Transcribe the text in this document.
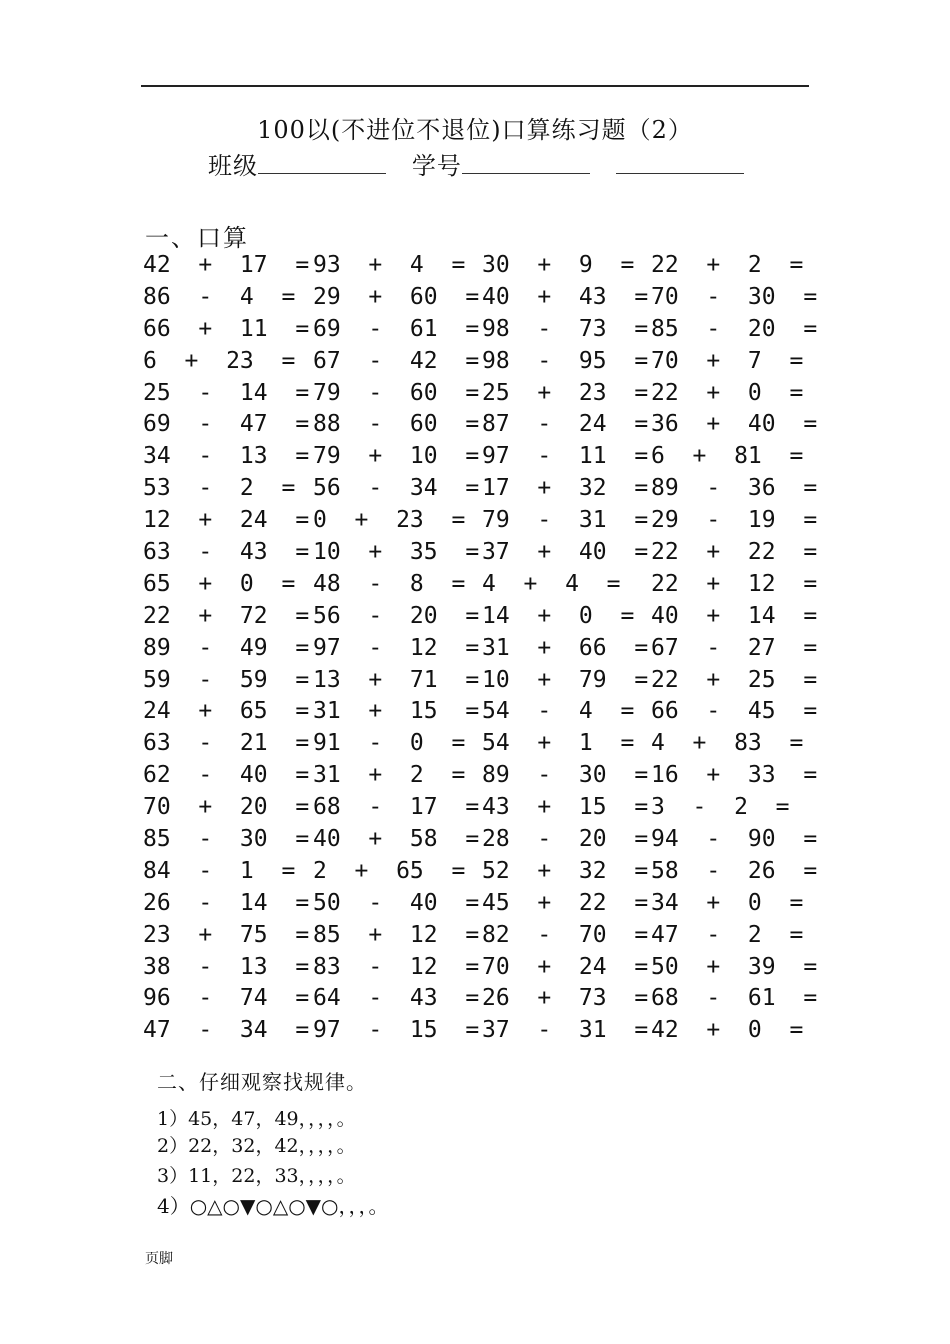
100以(不进位不退位)口算练习题（2）
班级	学号
一、口算
42  +  17  = 93  +  4  = 30  +  9  = 22  +  2  =
86  -  4  = 29  +  60  = 40  +  43  = 70  -  30  =
66  +  11  = 69  -  61  = 98  -  73  = 85  -  20  =
6  +  23  = 67  -  42  = 98  -  95  = 70  +  7  =
25  -  14  = 79  -  60  = 25  +  23  = 22  +  0  =
69  -  47  = 88  -  60  = 87  -  24  = 36  +  40  =
34  -  13  = 79  +  10  = 97  -  11  = 6  +  81  =
53  -  2  = 56  -  34  = 17  +  32  = 89  -  36  =
12  +  24  = 0  +  23  = 79  -  31  = 29  -  19  =
63  -  43  = 10  +  35  = 37  +  40  = 22  +  22  =
65  +  0  = 48  -  8  = 4  +  4  = 22  +  12  =
22  +  72  = 56  -  20  = 14  +  0  = 40  +  14  =
89  -  49  = 97  -  12  = 31  +  66  = 67  -  27  =
59  -  59  = 13  +  71  = 10  +  79  = 22  +  25  =
24  +  65  = 31  +  15  = 54  -  4  = 66  -  45  =
63  -  21  = 91  -  0  = 54  +  1  = 4  +  83  =
62  -  40  = 31  +  2  = 89  -  30  = 16  +  33  =
70  +  20  = 68  -  17  = 43  +  15  = 3  -  2  =
85  -  30  = 40  +  58  = 28  -  20  = 94  -  90  =
84  -  1  = 2  +  65  = 52  +  32  = 58  -  26  =
26  -  14  = 50  -  40  = 45  +  22  = 34  +  0  =
23  +  75  = 85  +  12  = 82  -  70  = 47  -  2  =
38  -  13  = 83  -  12  = 70  +  24  = 50  +  39  =
96  -  74  = 64  -  43  = 26  +  73  = 68  -  61  =
47  -  34  = 97  -  15  = 37  -  31  = 42  +  0  =
二、仔细观察找规律。
1）45，47，49，，，，。
2）22，32，42，，，，。
3）11，22，33，，，，。
4）○△○▼○△○▼○，，，。
页脚
